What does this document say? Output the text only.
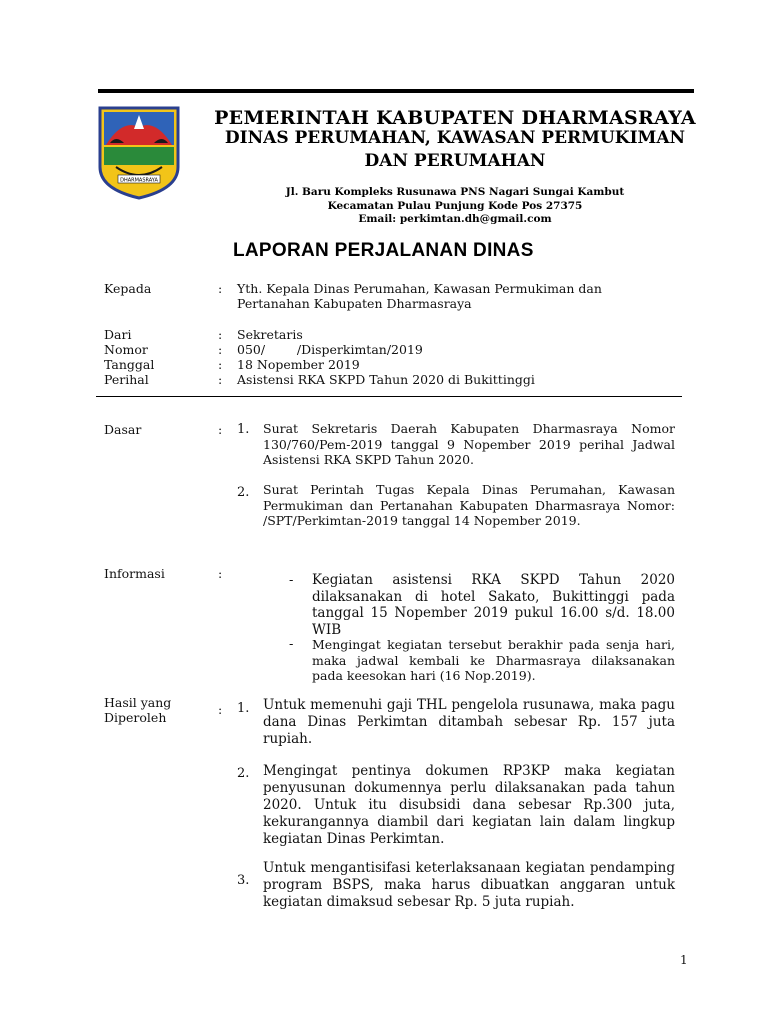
DHARMASRAYA
PEMERINTAH KABUPATEN DHARMASRAYA
DINAS PERUMAHAN, KAWASAN PERMUKIMAN
DAN PERUMAHAN
Jl. Baru Kompleks Rusunawa PNS Nagari Sungai Kambut
Kecamatan Pulau Punjung Kode Pos 27375
Email: perkimtan.dh@gmail.com
LAPORAN PERJALANAN DINAS
Kepada	: Yth. Kepala Dinas Perumahan, Kawasan Permukiman dan
Pertanahan Kabupaten Dharmasraya
Dari	: Sekretaris
Nomor	: 050/        /Disperkimtan/2019
Tanggal	: 18 Nopember 2019
Perihal	: Asistensi RKA SKPD Tahun 2020 di Bukittinggi
Dasar	: 1. Surat Sekretaris Daerah Kabupaten Dharmasraya Nomor 130/760/Pem-2019 tanggal 9 Nopember 2019 perihal Jadwal Asistensi RKA SKPD Tahun 2020.
2. Surat Perintah Tugas Kepala Dinas Perumahan, Kawasan Permukiman dan Pertanahan Kabupaten Dharmasraya Nomor:        /SPT/Perkimtan-2019 tanggal 14 Nopember 2019.
Informasi	:	- Kegiatan asistensi RKA SKPD Tahun 2020 dilaksanakan di hotel Sakato, Bukittinggi pada tanggal 15 Nopember 2019 pukul 16.00 s/d. 18.00 WIB
- Mengingat kegiatan tersebut berakhir pada senja hari, maka jadwal kembali ke Dharmasraya dilaksanakan pada keesokan hari (16 Nop.2019).
Hasil yang
Diperoleh
: 1. Untuk memenuhi gaji THL pengelola rusunawa, maka pagu dana Dinas Perkimtan ditambah sebesar Rp. 157 juta rupiah.
2. Mengingat pentinya dokumen RP3KP maka kegiatan penyusunan dokumennya perlu dilaksanakan pada tahun 2020. Untuk itu disubsidi dana sebesar Rp.300 juta, kekurangannya diambil dari kegiatan lain dalam lingkup kegiatan Dinas Perkimtan.
3.
Untuk mengantisifasi keterlaksanaan kegiatan pendamping program BSPS, maka harus dibuatkan anggaran untuk kegiatan dimaksud sebesar Rp. 5 juta rupiah.
1
